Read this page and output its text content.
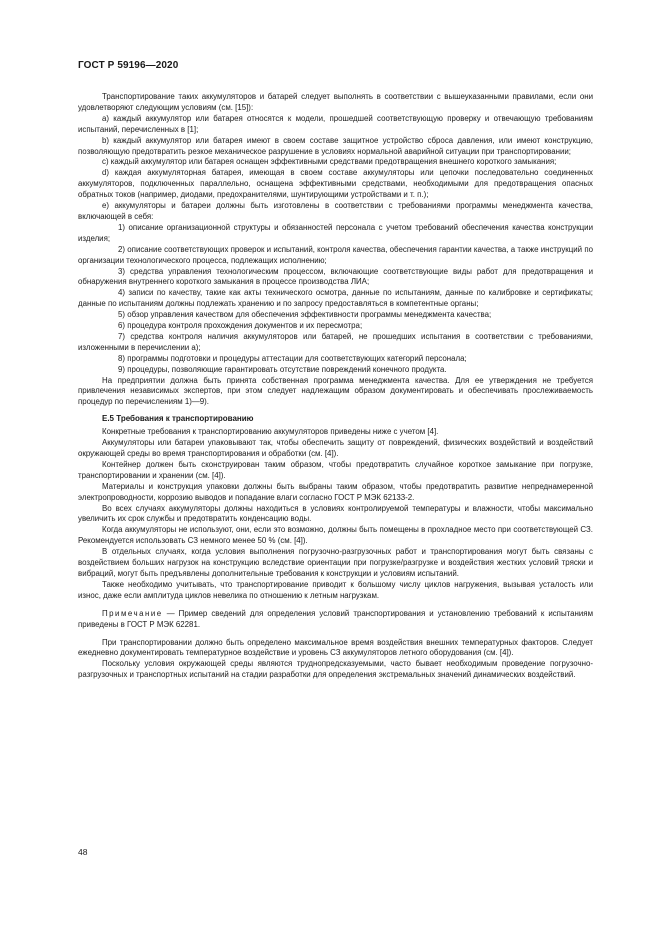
ГОСТ Р 59196—2020

Транспортирование таких аккумуляторов и батарей следует выполнять в соответствии с вышеуказанными правилами, если они удовлетворяют следующим условиям (см. [15]):

a) каждый аккумулятор или батарея относятся к модели, прошедшей соответствующую проверку и отвечающую требованиям испытаний, перечисленных в [1];

b) каждый аккумулятор или батарея имеют в своем составе защитное устройство сброса давления, или имеют конструкцию, позволяющую предотвратить резкое механическое разрушение в условиях нормальной аварийной ситуации при транспортировании;

c) каждый аккумулятор или батарея оснащен эффективными средствами предотвращения внешнего короткого замыкания;

d) каждая аккумуляторная батарея, имеющая в своем составе аккумуляторы или цепочки последовательно соединенных аккумуляторов, подключенных параллельно, оснащена эффективными средствами, необходимыми для предотвращения опасных обратных токов (например, диодами, предохранителями, шунтирующими устройствами и т. п.);

e) аккумуляторы и батареи должны быть изготовлены в соответствии с требованиями программы менеджмента качества, включающей в себя:

1) описание организационной структуры и обязанностей персонала с учетом требований обеспечения качества конструкции изделия;

2) описание соответствующих проверок и испытаний, контроля качества, обеспечения гарантии качества, а также инструкций по организации технологического процесса, подлежащих исполнению;

3) средства управления технологическим процессом, включающие соответствующие виды работ для предотвращения и обнаружения внутреннего короткого замыкания в процессе производства ЛИА;

4) записи по качеству, такие как акты технического осмотра, данные по испытаниям, данные по калибровке и сертификаты; данные по испытаниям должны подлежать хранению и по запросу предоставляться в компетентные органы;

5) обзор управления качеством для обеспечения эффективности программы менеджмента качества;

6) процедура контроля прохождения документов и их пересмотра;

7) средства контроля наличия аккумуляторов или батарей, не прошедших испытания в соответствии с требованиями, изложенными в перечислении а);

8) программы подготовки и процедуры аттестации для соответствующих категорий персонала;

9) процедуры, позволяющие гарантировать отсутствие повреждений конечного продукта.

На предприятии должна быть принята собственная программа менеджмента качества. Для ее утверждения не требуется привлечения независимых экспертов, при этом следует надлежащим образом документировать и обеспечивать прослеживаемость процедур по перечислениям 1)—9).

Е.5 Требования к транспортированию

Конкретные требования к транспортированию аккумуляторов приведены ниже с учетом [4].

Аккумуляторы или батареи упаковывают так, чтобы обеспечить защиту от повреждений, физических воздействий и воздействий окружающей среды во время транспортирования и обработки (см. [4]).

Контейнер должен быть сконструирован таким образом, чтобы предотвратить случайное короткое замыкание при погрузке, транспортировании и хранении (см. [4]).

Материалы и конструкция упаковки должны быть выбраны таким образом, чтобы предотвратить развитие непреднамеренной электропроводности, коррозию выводов и попадание влаги согласно ГОСТ Р МЭК 62133-2.

Во всех случаях аккумуляторы должны находиться в условиях контролируемой температуры и влажности, чтобы максимально увеличить их срок службы и предотвратить конденсацию воды.

Когда аккумуляторы не используют, они, если это возможно, должны быть помещены в прохладное место при соответствующей СЗ. Рекомендуется использовать СЗ немного менее 50 % (см. [4]).

В отдельных случаях, когда условия выполнения погрузочно-разгрузочных работ и транспортирования могут быть связаны с воздействием больших нагрузок на конструкцию вследствие ориентации при погрузке/разгрузке и воздействия жестких условий тряски и вибраций, могут быть предъявлены дополнительные требования к конструкции и условиям испытаний.

Также необходимо учитывать, что транспортирование приводит к большому числу циклов нагружения, вызывая усталость или износ, даже если амплитуда циклов невелика по отношению к летным нагрузкам.

Примечание — Пример сведений для определения условий транспортирования и установлению требований к испытаниям приведены в ГОСТ Р МЭК 62281.

При транспортировании должно быть определено максимальное время воздействия внешних температурных факторов. Следует ежедневно документировать температурное воздействие и уровень СЗ аккумуляторов летного оборудования (см. [4]).

Поскольку условия окружающей среды являются труднопредсказуемыми, часто бывает необходимым проведение погрузочно-разгрузочных и транспортных испытаний на стадии разработки для определения экстремальных значений динамических воздействий.

48
